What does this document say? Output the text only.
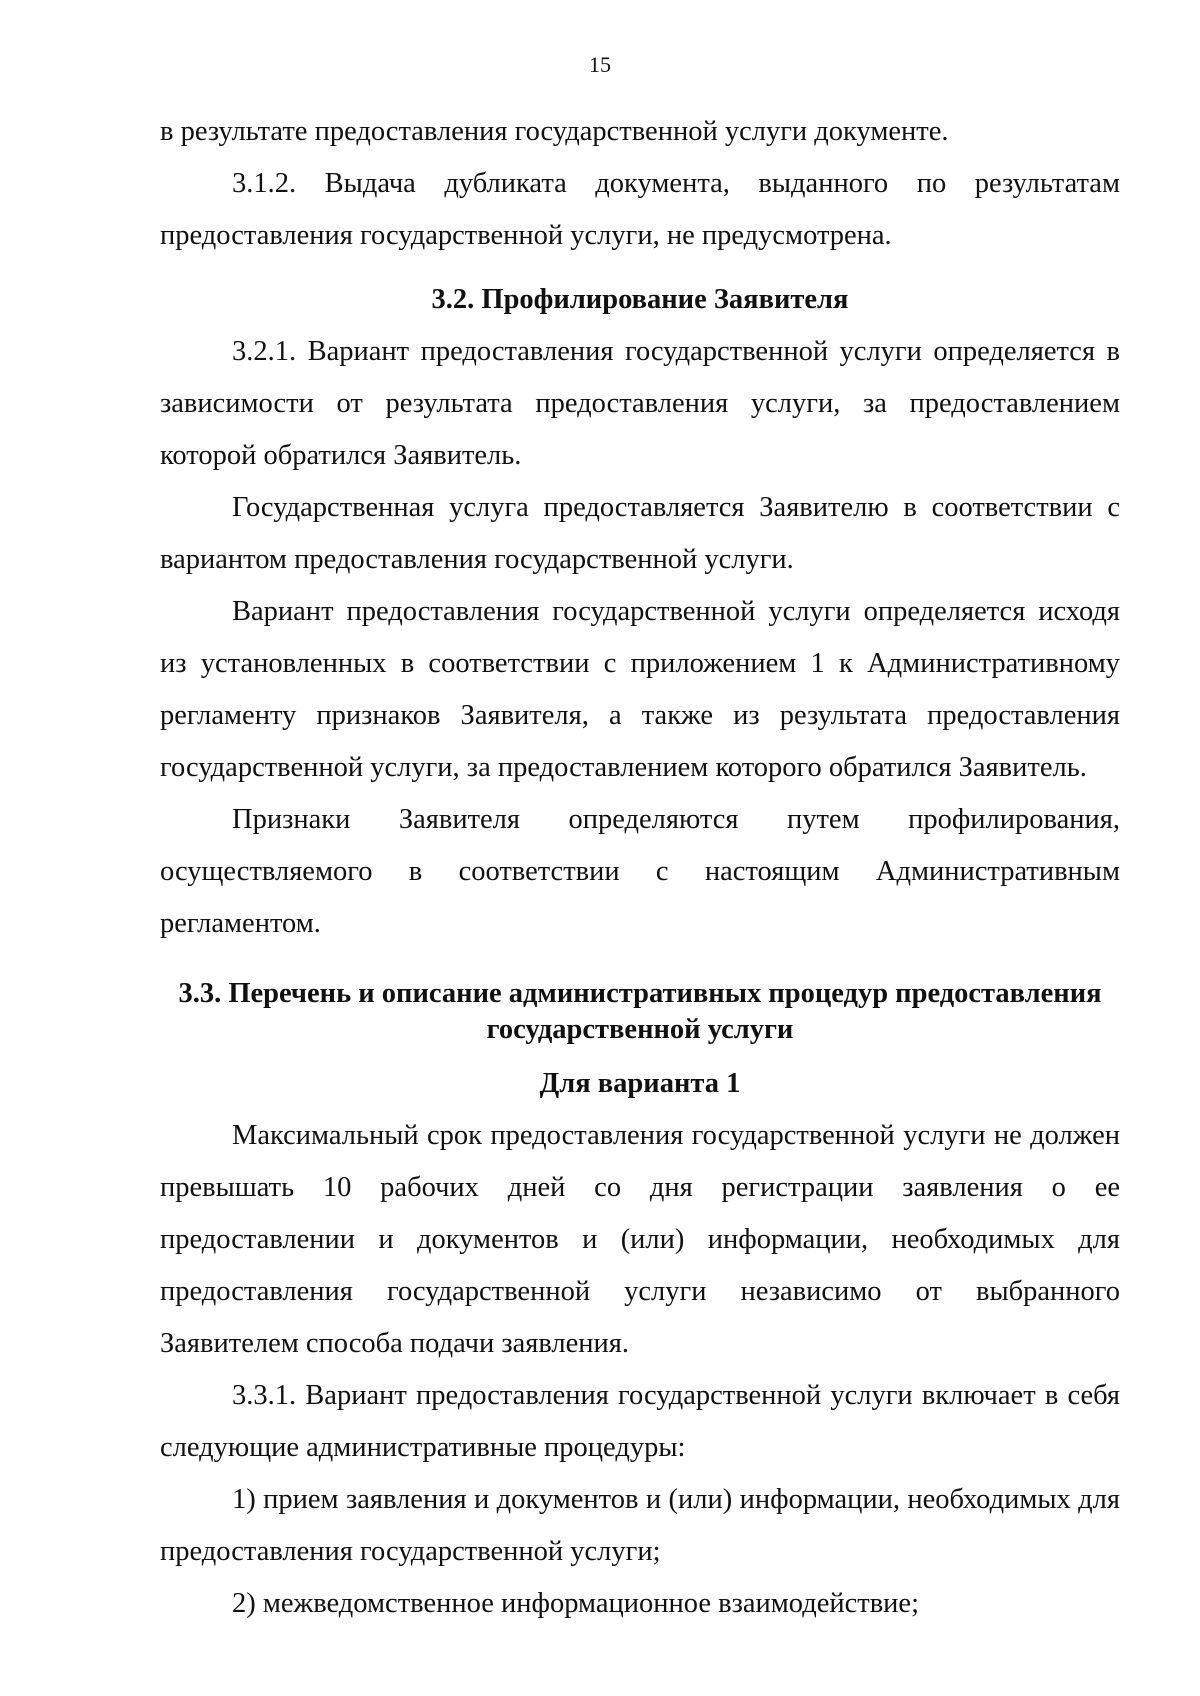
15

в результате предоставления государственной услуги документе.

3.1.2. Выдача дубликата документа, выданного по результатам предоставления государственной услуги, не предусмотрена.

3.2. Профилирование Заявителя

3.2.1. Вариант предоставления государственной услуги определяется в зависимости от результата предоставления услуги, за предоставлением которой обратился Заявитель.

Государственная услуга предоставляется Заявителю в соответствии с вариантом предоставления государственной услуги.

Вариант предоставления государственной услуги определяется исходя из установленных в соответствии с приложением 1 к Административному регламенту признаков Заявителя, а также из результата предоставления государственной услуги, за предоставлением которого обратился Заявитель.

Признаки Заявителя определяются путем профилирования, осуществляемого в соответствии с настоящим Административным регламентом.

3.3. Перечень и описание административных процедур предоставления государственной услуги

Для варианта 1

Максимальный срок предоставления государственной услуги не должен превышать 10 рабочих дней со дня регистрации заявления о ее предоставлении и документов и (или) информации, необходимых для предоставления государственной услуги независимо от выбранного Заявителем способа подачи заявления.

3.3.1. Вариант предоставления государственной услуги включает в себя следующие административные процедуры:

1) прием заявления и документов и (или) информации, необходимых для предоставления государственной услуги;

2) межведомственное информационное взаимодействие;
